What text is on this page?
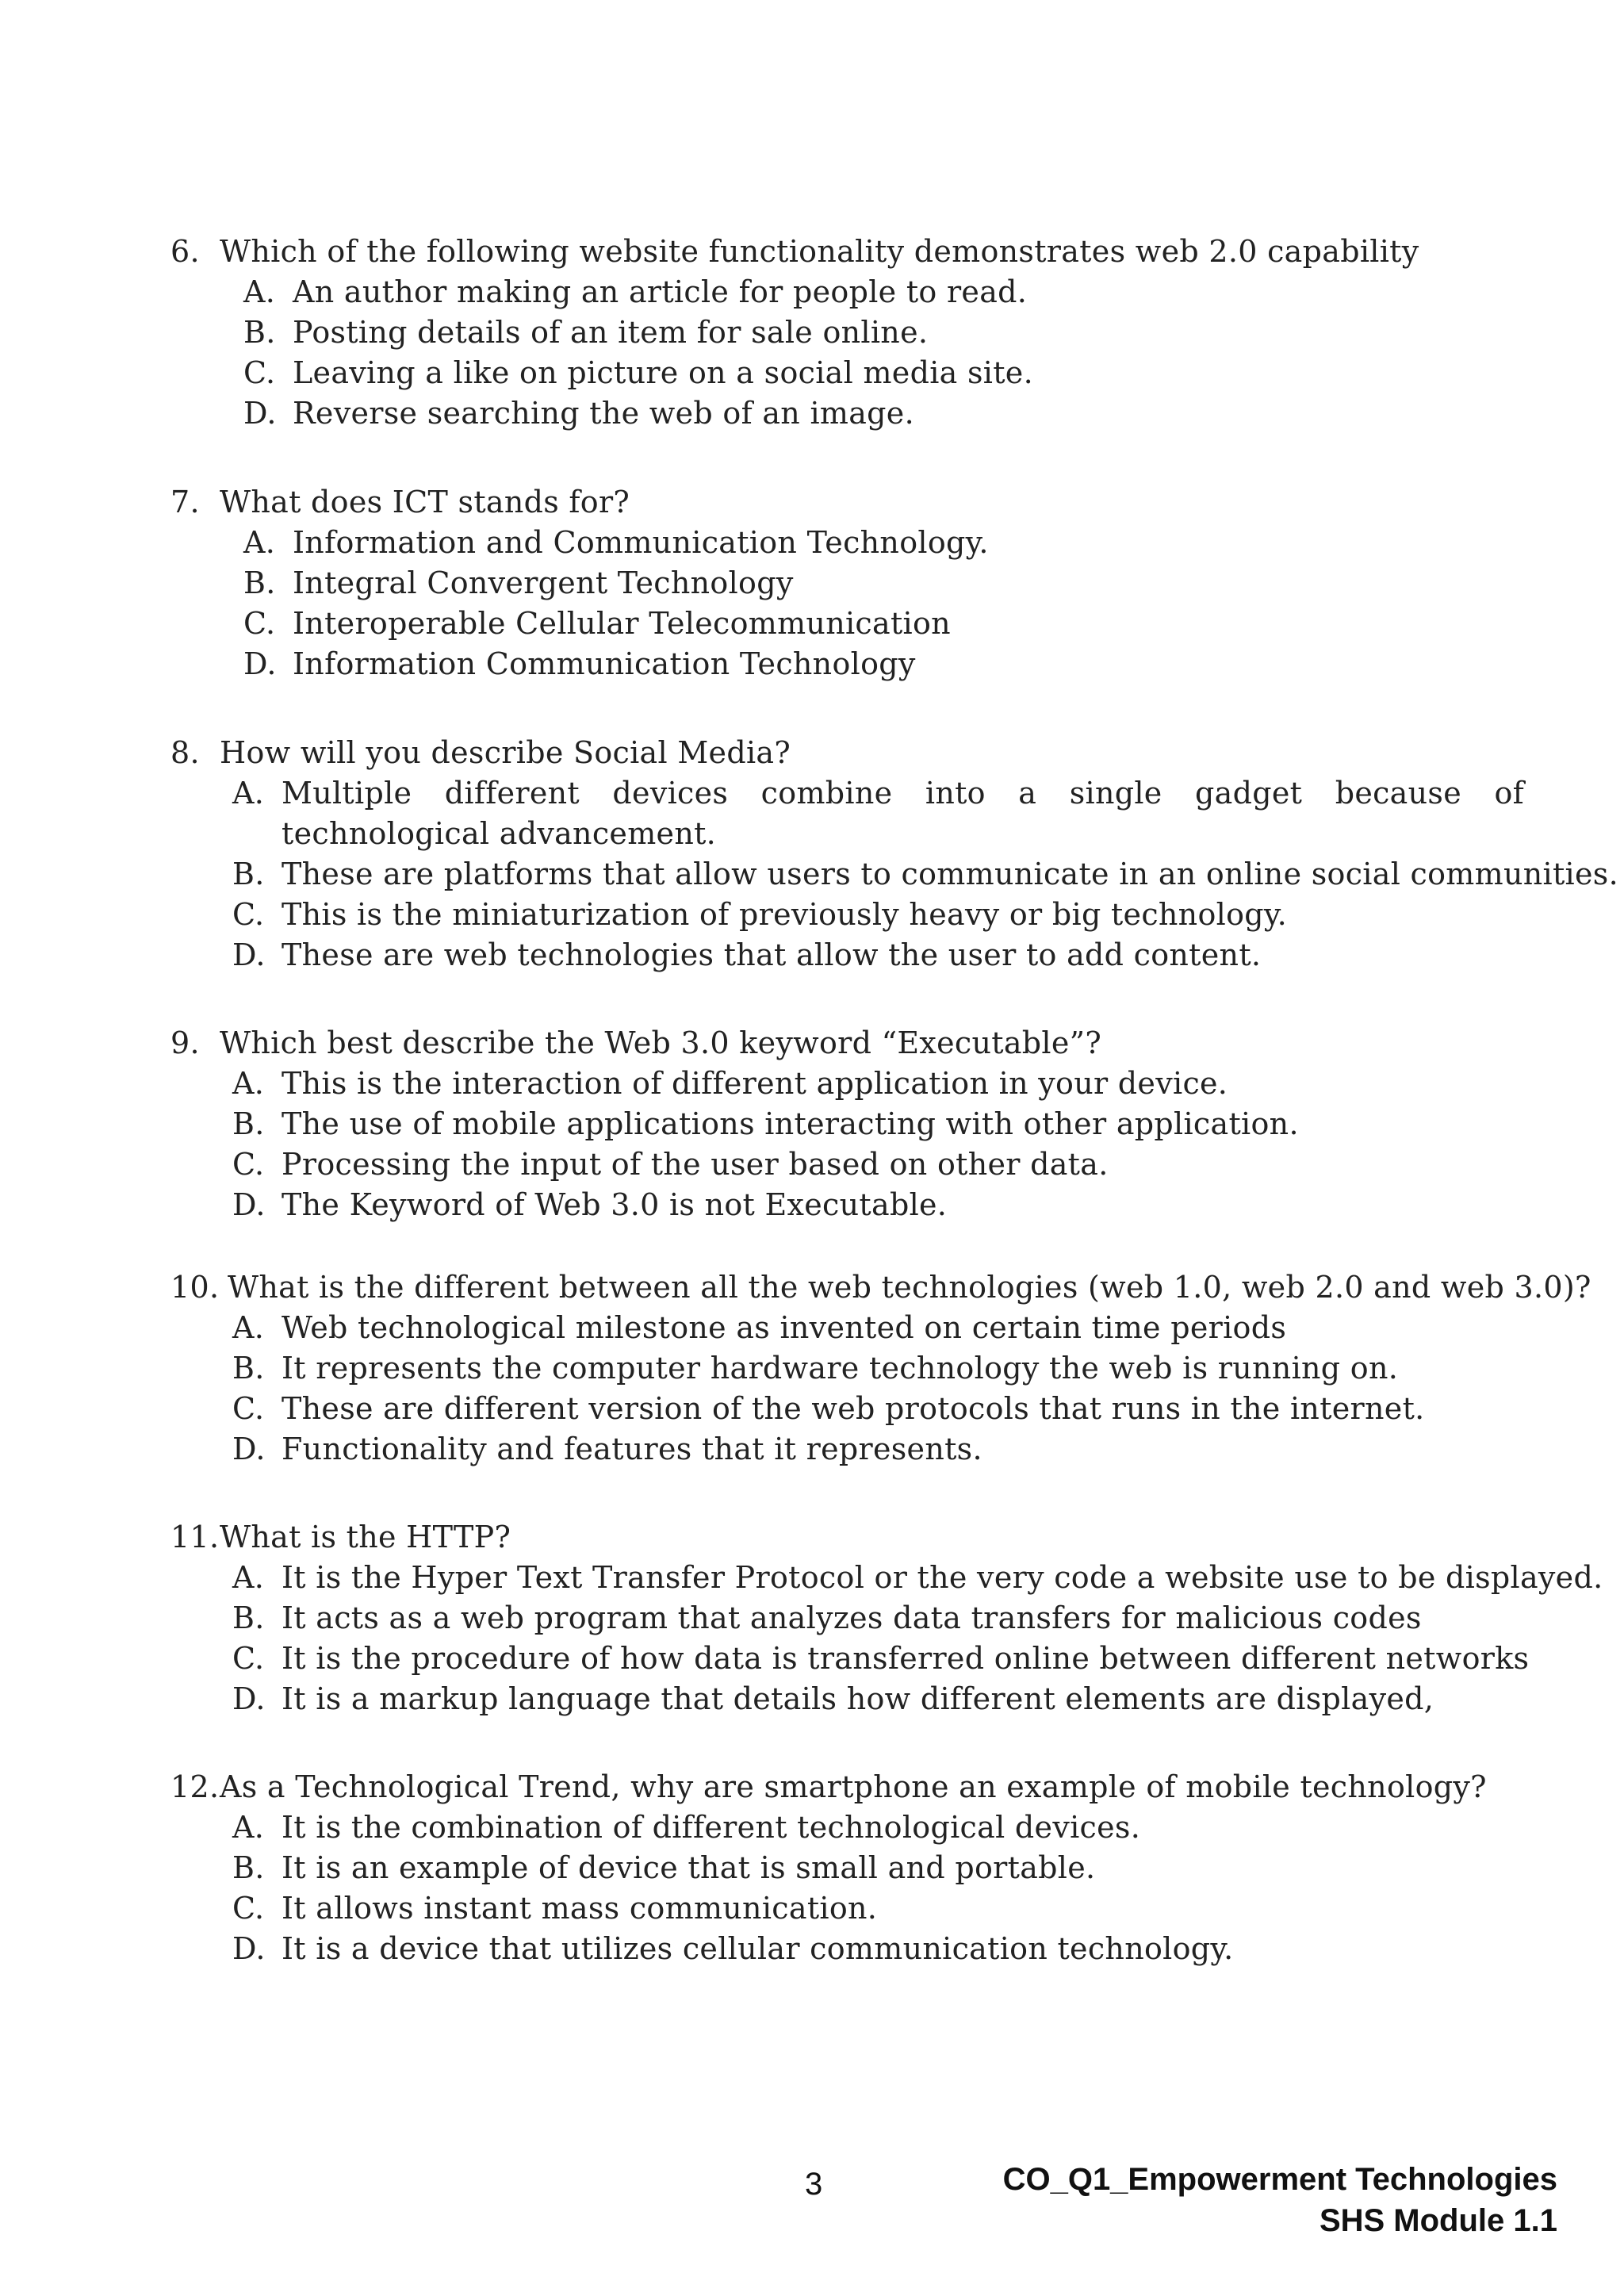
6. Which of the following website functionality demonstrates web 2.0 capability
A. An author making an article for people to read.
B. Posting details of an item for sale online.
C. Leaving a like on picture on a social media site.
D. Reverse searching the web of an image.
7. What does ICT stands for?
A. Information and Communication Technology.
B. Integral Convergent Technology
C. Interoperable Cellular Telecommunication
D. Information Communication Technology
8. How will you describe Social Media?
A. Multiple different devices combine into a single gadget because of technological advancement.
B. These are platforms that allow users to communicate in an online social communities.
C. This is the miniaturization of previously heavy or big technology.
D. These are web technologies that allow the user to add content.
9. Which best describe the Web 3.0 keyword “Executable”?
A. This is the interaction of different application in your device.
B. The use of mobile applications interacting with other application.
C. Processing the input of the user based on other data.
D. The Keyword of Web 3.0 is not Executable.
10. What is the different between all the web technologies (web 1.0, web 2.0 and web 3.0)?
A. Web technological milestone as invented on certain time periods
B. It represents the computer hardware technology the web is running on.
C. These are different version of the web protocols that runs in the internet.
D. Functionality and features that it represents.
11. What is the HTTP?
A. It is the Hyper Text Transfer Protocol or the very code a website use to be displayed.
B. It acts as a web program that analyzes data transfers for malicious codes
C. It is the procedure of how data is transferred online between different networks
D. It is a markup language that details how different elements are displayed,
12. As a Technological Trend, why are smartphone an example of mobile technology?
A. It is the combination of different technological devices.
B. It is an example of device that is small and portable.
C. It allows instant mass communication.
D. It is a device that utilizes cellular communication technology.
3	CO_Q1_Empowerment Technologies
SHS Module 1.1
